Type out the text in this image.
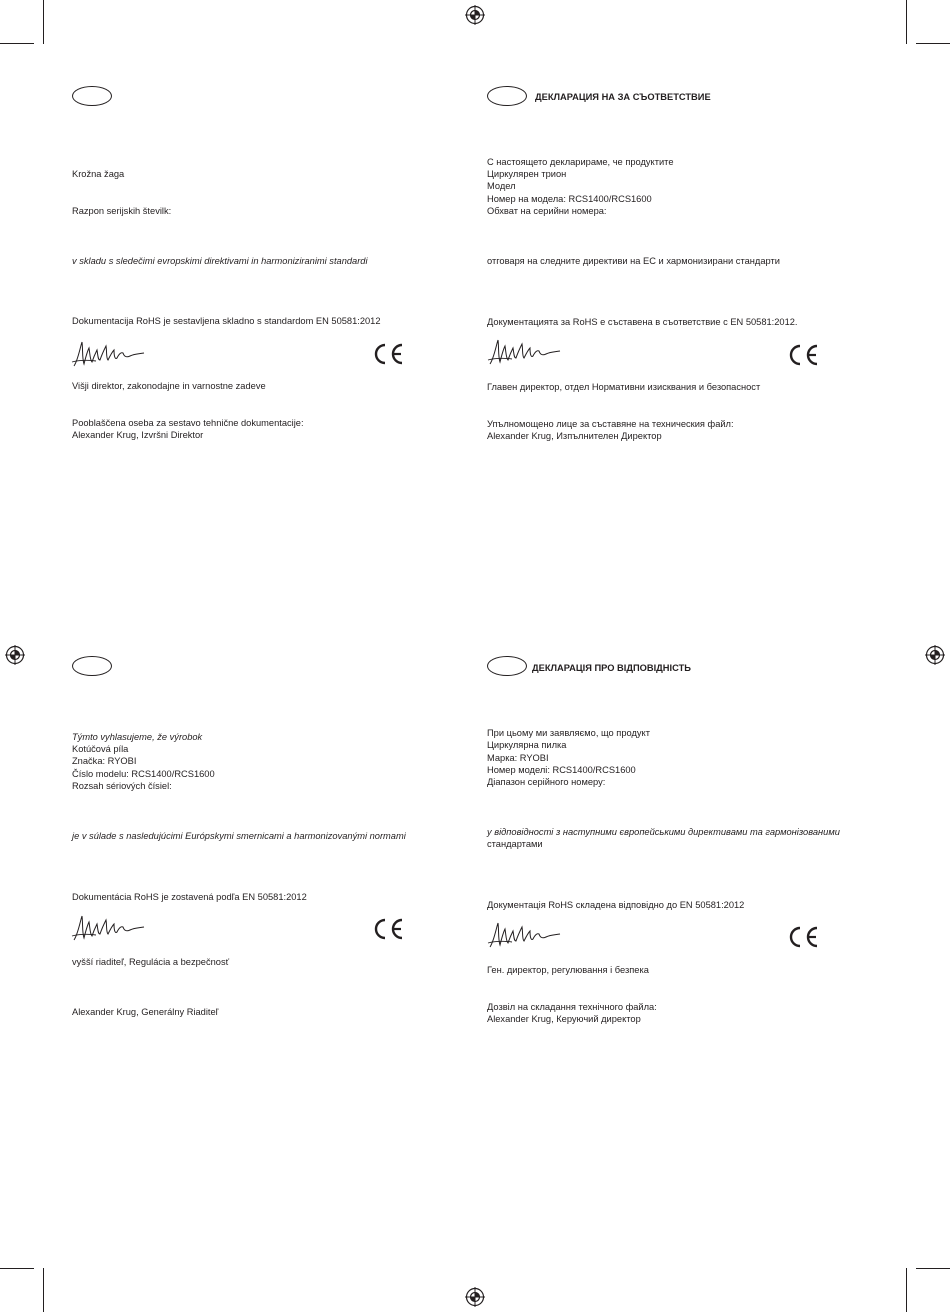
Krožna žaga

Razpon serijskih številk:

v skladu s sledečimi evropskimi direktivami in harmoniziranimi standardi

Dokumentacija RoHS je sestavljena skladno s standardom EN 50581:2012

Višji direktor, zakonodajne in varnostne zadeve

Pooblaščena oseba za sestavo tehnične dokumentacije:

Alexander Krug, Izvršni Direktor

ДЕКЛАРАЦИЯ НА ЗА СЪОТВЕТСТВИЕ

С настоящето декларираме, че продуктите

Циркулярен трион

Модел

Номер на модела: RCS1400/RCS1600

Обхват на серийни номера:

отговаря на следните директиви на ЕС и хармонизирани стандарти

Документацията за RoHS е съставена в съответствие с EN 50581:2012.

Главен директор, отдел Нормативни изисквания и безопасност

Упълномощено лице за съставяне на техническия файл:

Alexander Krug, Изпълнителен Директор

Týmto vyhlasujeme, že výrobok

Kotúčová píla

Značka: RYOBI

Číslo modelu: RCS1400/RCS1600

Rozsah sériových čísiel:

je v súlade s nasledujúcimi Európskymi smernicami a harmonizovanými normami

Dokumentácia RoHS je zostavená podľa EN 50581:2012

vyšší riaditeľ, Regulácia a bezpečnosť

Alexander Krug, Generálny Riaditeľ

ДЕКЛАРАЦІЯ ПРО ВІДПОВІДНІСТЬ

При цьому ми заявляємо, що продукт

Циркулярна пилка

Марка: RYOBI

Номер моделі: RCS1400/RCS1600

Діапазон серійного номеру:

у відповідності з наступними європейськими директивами та гармонізованими

стандартами

Документація RoHS складена відповідно до EN 50581:2012

Ген. директор, регулювання і безпека

Дозвіл на складання технічного файла:

Alexander Krug, Керуючий директор
